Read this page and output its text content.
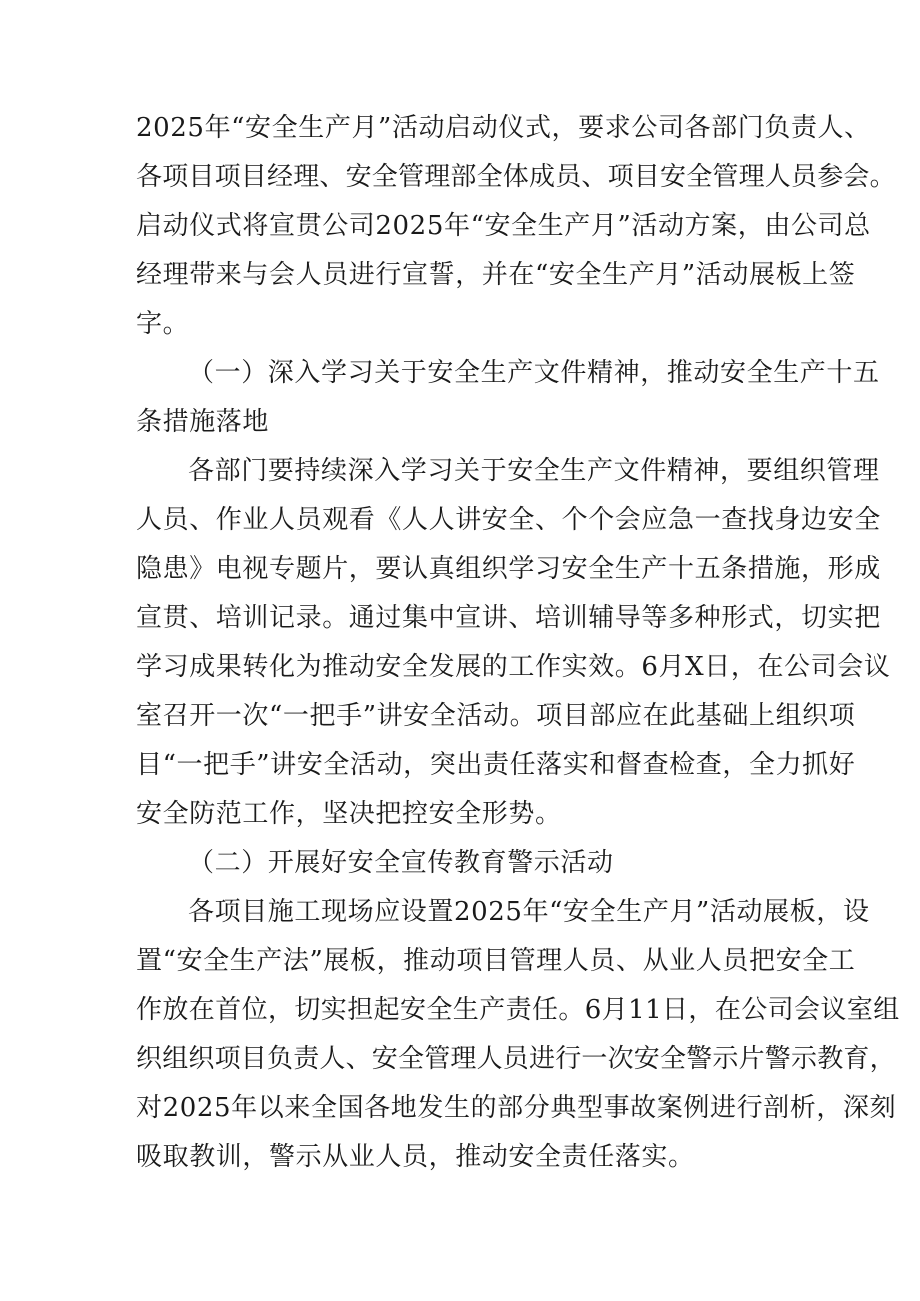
2025年“安全生产月”活动启动仪式，要求公司各部门负责人、
各项目项目经理、安全管理部全体成员、项目安全管理人员参会。
启动仪式将宣贯公司2025年“安全生产月”活动方案，由公司总
经理带来与会人员进行宣誓，并在“安全生产月”活动展板上签
字。
（一）深入学习关于安全生产文件精神，推动安全生产十五
条措施落地
各部门要持续深入学习关于安全生产文件精神，要组织管理
人员、作业人员观看《人人讲安全、个个会应急一查找身边安全
隐患》电视专题片，要认真组织学习安全生产十五条措施，形成
宣贯、培训记录。通过集中宣讲、培训辅导等多种形式，切实把
学习成果转化为推动安全发展的工作实效。6月X日，在公司会议
室召开一次“一把手”讲安全活动。项目部应在此基础上组织项
目“一把手”讲安全活动，突出责任落实和督查检查，全力抓好
安全防范工作，坚决把控安全形势。
（二）开展好安全宣传教育警示活动
各项目施工现场应设置2025年“安全生产月”活动展板，设
置“安全生产法”展板，推动项目管理人员、从业人员把安全工
作放在首位，切实担起安全生产责任。6月11日，在公司会议室组
织组织项目负责人、安全管理人员进行一次安全警示片警示教育，
对2025年以来全国各地发生的部分典型事故案例进行剖析，深刻
吸取教训，警示从业人员，推动安全责任落实。
